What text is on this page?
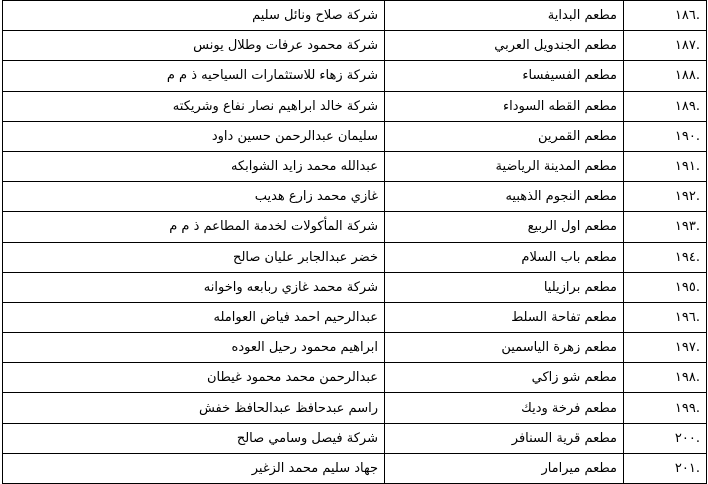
.١٨٦	مطعم البداية	شركة صلاح ونائل سليم
.١٨٧	مطعم الجندويل العربي	شركة محمود عرفات وطلال يونس
.١٨٨	مطعم الفسيفساء	شركة زهاء للاستثمارات السياحيه ذ م م
.١٨٩	مطعم القطه السوداء	شركة خالد ابراهيم نصار نفاع وشريكته
.١٩٠	مطعم القمرين	سليمان عبدالرحمن حسين داود
.١٩١	مطعم المدينة الرياضية	عبدالله محمد زايد الشوابكه
.١٩٢	مطعم النجوم الذهبيه	غازي محمد زارع هديب
.١٩٣	مطعم اول الربيع	شركة المأكولات لخدمة المطاعم ذ م م
.١٩٤	مطعم باب السلام	خضر عبدالجابر عليان صالح
.١٩٥	مطعم برازيليا	شركة محمد غازي ربابعه واخوانه
.١٩٦	مطعم تفاحة السلط	عبدالرحيم احمد فياض العوامله
.١٩٧	مطعم زهرة الياسمين	ابراهيم محمود رحيل العوده
.١٩٨	مطعم شو زاكي	عبدالرحمن محمد محمود غيطان
.١٩٩	مطعم فرخة وديك	راسم عبدحافظ عبدالحافظ خفش
.٢٠٠	مطعم قرية السنافر	شركة فيصل وسامي صالح
.٢٠١	مطعم ميرامار	جهاد سليم محمد الزغير
